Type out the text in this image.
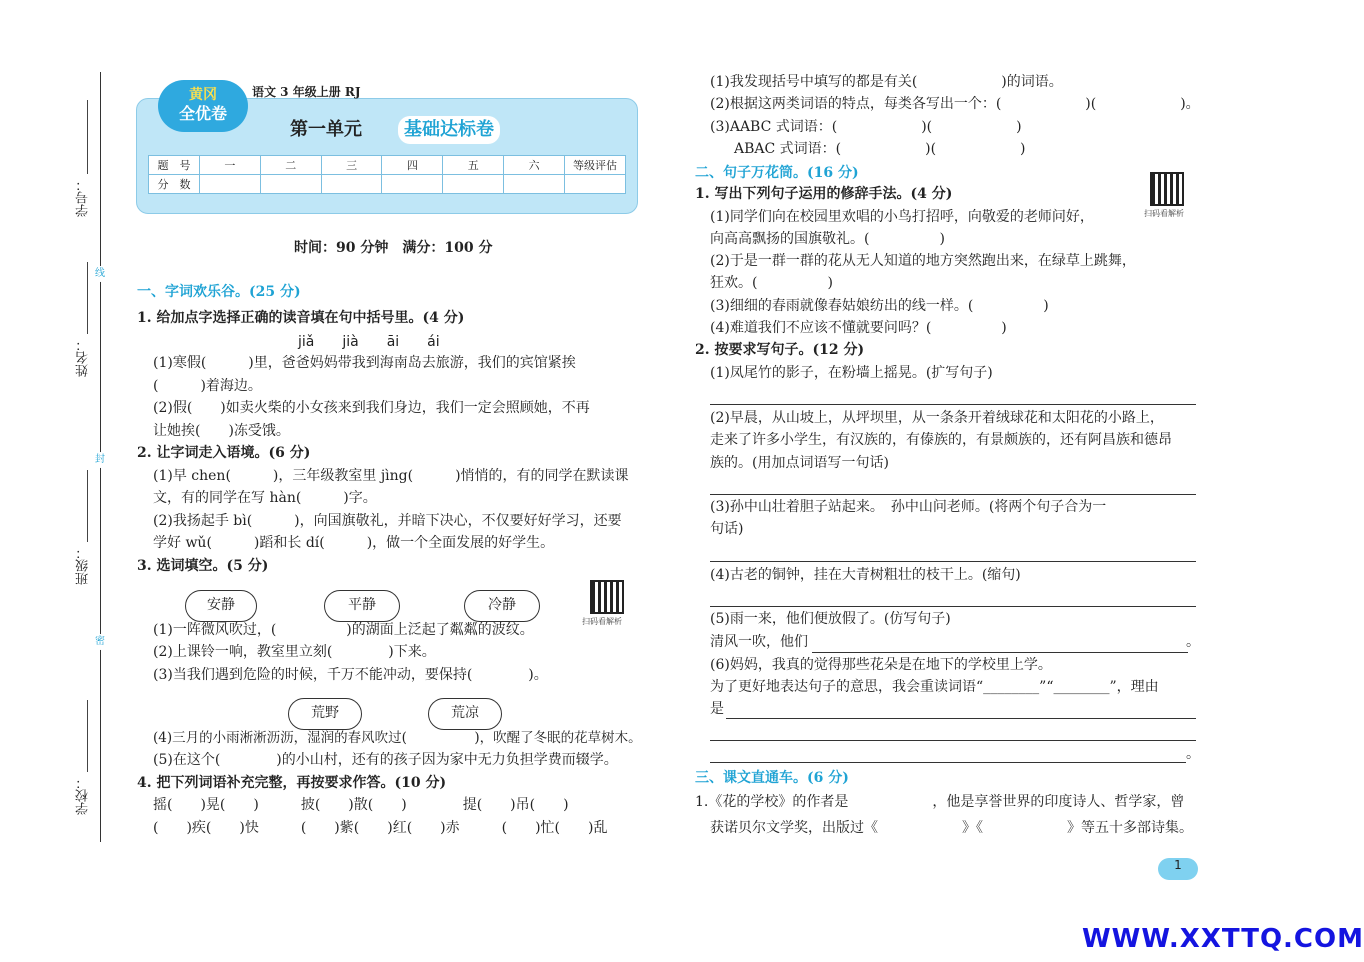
学号：
姓名：
班级：
学校：
线
封
密
黄冈
全优卷
语文 3 年级上册 RJ
第一单元	基础达标卷
题　号	一	二	三	四	五	六	等级评估
分　数							
时间：90 分钟　满分：100 分
一、字词欢乐谷。(25 分)
1. 给加点字选择正确的读音填在句中括号里。(4 分)
jiǎ　　jià　　āi　　ái
(1)寒假(　　　)里，爸爸妈妈带我到海南岛去旅游，我们的宾馆紧挨
(　　　)着海边。
(2)假(　　)如卖火柴的小女孩来到我们身边，我们一定会照顾她，不再
让她挨(　　)冻受饿。
2. 让字词走入语境。(6 分)
(1)早 chen(　　　)，三年级教室里 jìng(　　　)悄悄的，有的同学在默读课
文，有的同学在写 hàn(　　　)字。
(2)我扬起手 bì(　　　)，向国旗敬礼，并暗下决心，不仅要好好学习，还要
学好 wǔ(　　　)蹈和长 dí(　　　)，做一个全面发展的好学生。
3. 选词填空。(5 分)
安静	平静	冷静
扫码看解析
(1)一阵微风吹过，(　　　　　)的湖面上泛起了粼粼的波纹。
(2)上课铃一响，教室里立刻(　　　　)下来。
(3)当我们遇到危险的时候，千万不能冲动，要保持(　　　　)。
荒野	荒凉
(4)三月的小雨淅淅沥沥，湿润的春风吹过(　　　　　)，吹醒了冬眠的花草树木。
(5)在这个(　　　　)的小山村，还有的孩子因为家中无力负担学费而辍学。
4. 把下列词语补充完整，再按要求作答。(10 分)
摇(　　)晃(　　)　　　披(　　)散(　　)　　　　提(　　)吊(　　)
(　　)疾(　　)快　　　(　　)紫(　　)红(　　)赤　　　(　　)忙(　　)乱
(1)我发现括号中填写的都是有关(　　　　　　)的词语。
(2)根据这两类词语的特点，每类各写出一个：(　　　　　　)(　　　　　　)。
(3)AABC 式词语：(　　　　　　)(　　　　　　)
ABAC 式词语：(　　　　　　)(　　　　　　)
二、句子万花筒。(16 分)
扫码看解析
1. 写出下列句子运用的修辞手法。(4 分)
(1)同学们向在校园里欢唱的小鸟打招呼，向敬爱的老师问好，
向高高飘扬的国旗敬礼。(　　　　　)
(2)于是一群一群的花从无人知道的地方突然跑出来，在绿草上跳舞，
狂欢。(　　　　　)
(3)细细的春雨就像春姑娘纺出的线一样。(　　　　　)
(4)难道我们不应该不懂就要问吗？(　　　　　)
2. 按要求写句子。(12 分)
(1)凤尾竹的影子，在粉墙上摇晃。(扩写句子)
(2)早晨，从山坡上，从坪坝里，从一条条开着绒球花和太阳花的小路上，
走来了许多小学生，有汉族的，有傣族的，有景颇族的，还有阿昌族和德昂
族的。(用加点词语写一句话)
(3)孙中山壮着胆子站起来。　孙中山问老师。(将两个句子合为一
句话)
(4)古老的铜钟，挂在大青树粗壮的枝干上。(缩句)
(5)雨一来，他们便放假了。(仿写句子)
清风一吹，他们	。
(6)妈妈，我真的觉得那些花朵是在地下的学校里上学。
为了更好地表达句子的意思，我会重读词语“________”“________”，理由
是
。
三、课文直通车。(6 分)
1.《花的学校》的作者是　　　　　　，他是享誉世界的印度诗人、哲学家，曾
获诺贝尔文学奖，出版过《　　　　　　》《　　　　　　》等五十多部诗集。
1
WWW.XXTTQ.COM
